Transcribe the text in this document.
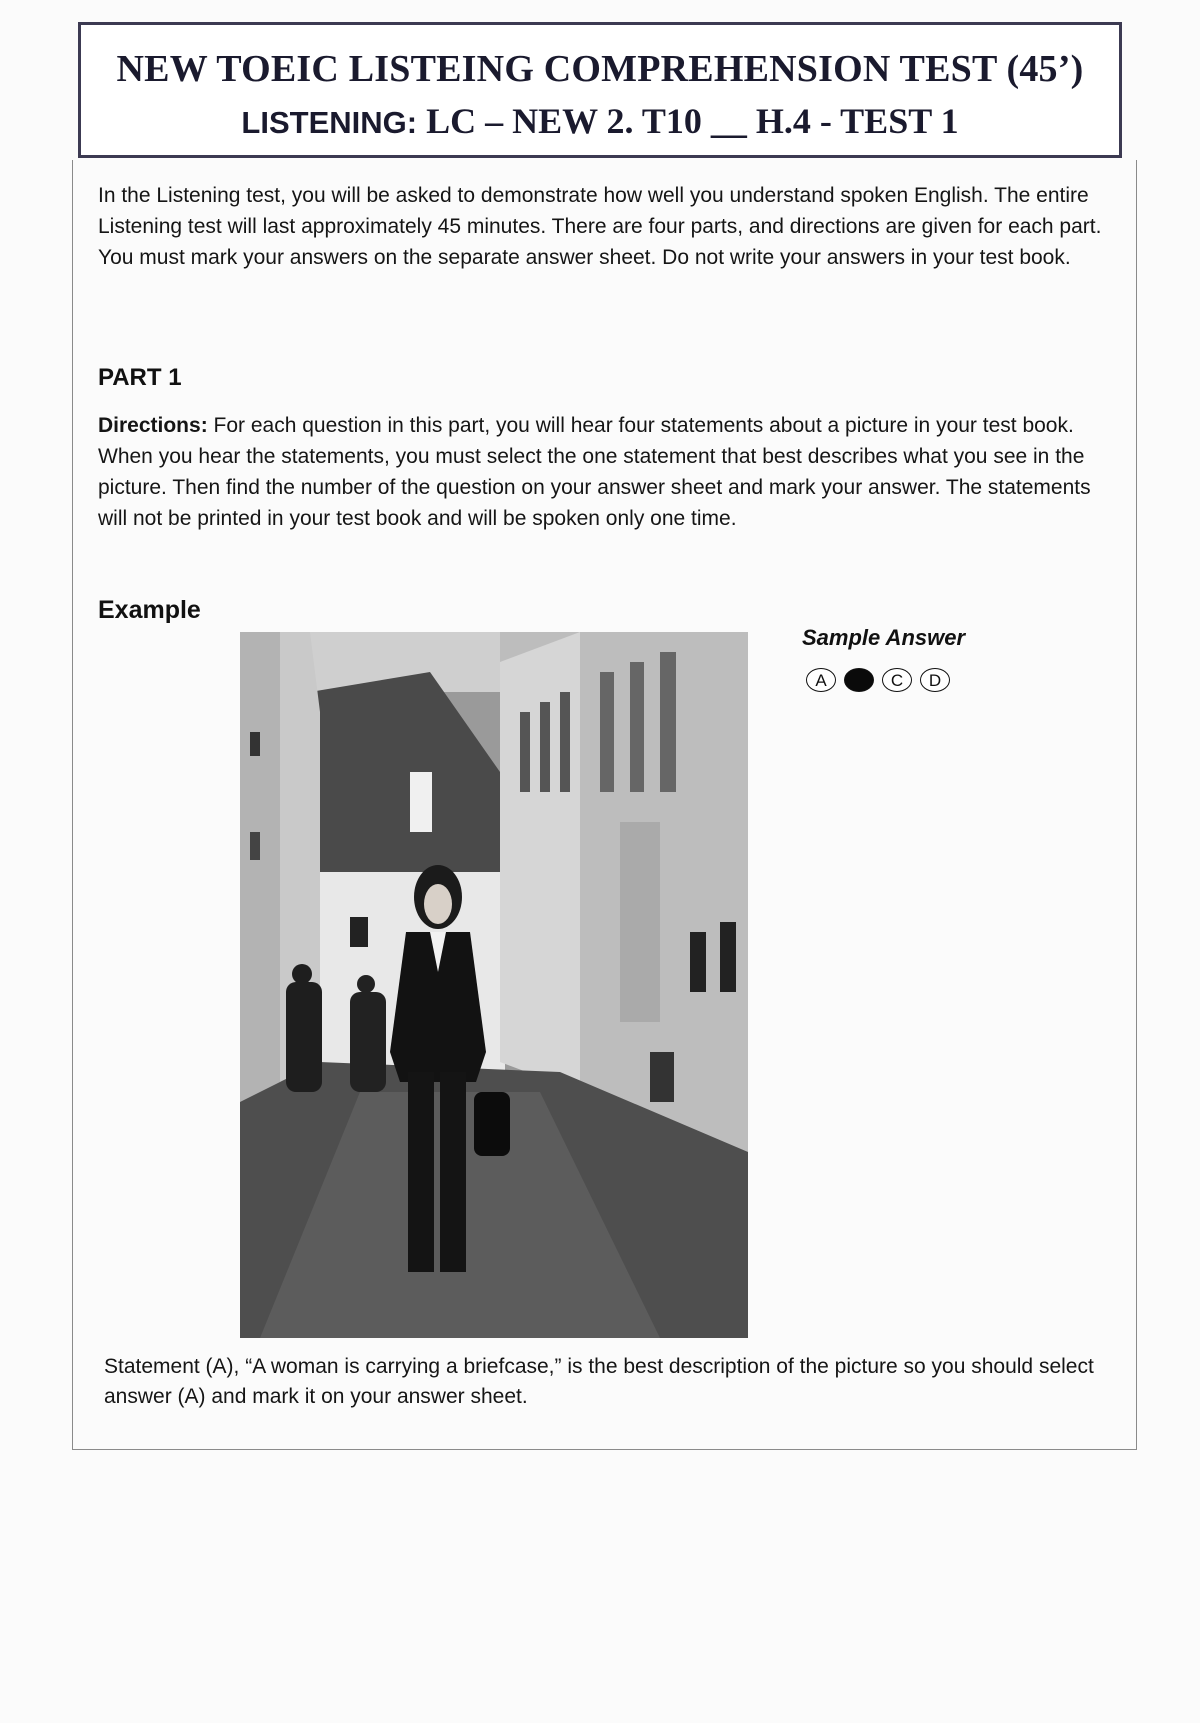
NEW TOEIC LISTEING COMPREHENSION TEST (45’)
LISTENING: LC – NEW 2. T10 __ H.4 - TEST 1
In the Listening test, you will be asked to demonstrate how well you understand spoken English. The entire Listening test will last approximately 45 minutes. There are four parts, and directions are given for each part. You must mark your answers on the separate answer sheet. Do not write your answers in your test book.
PART 1
Directions: For each question in this part, you will hear four statements about a picture in your test book. When you hear the statements, you must select the one statement that best describes what you see in the picture. Then find the number of the question on your answer sheet and mark your answer. The statements will not be printed in your test book and will be spoken only one time.
Example
Sample Answer
A	C	D
Statement (A), “A woman is carrying a briefcase,” is the best description of the picture so you should select answer (A) and mark it on your answer sheet.
